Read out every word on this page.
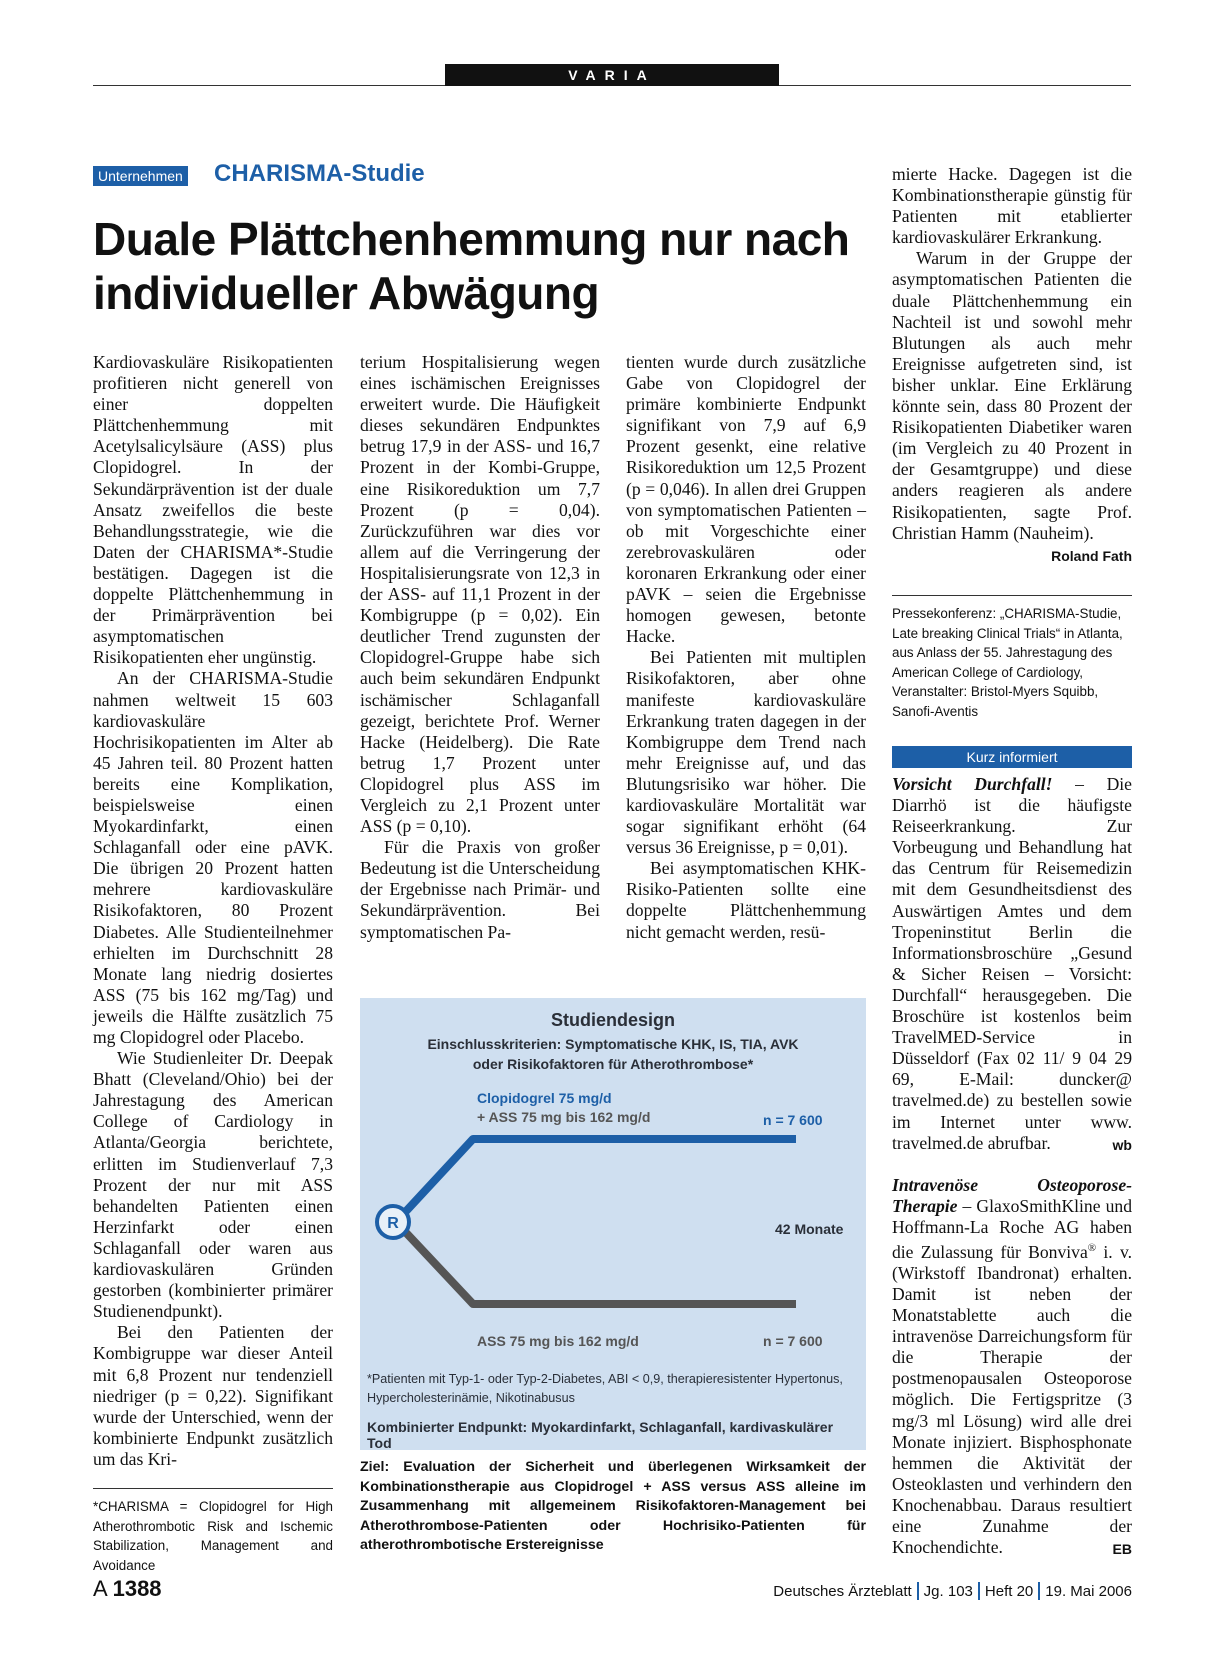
VARIA
Unternehmen CHARISMA-Studie
Duale Plättchenhemmung nur nach individueller Abwägung

Kardiovaskuläre Risikopatienten profitieren nicht generell von einer doppelten Plättchenhemmung mit Acetylsalicylsäure (ASS) plus Clopidogrel. In der Sekundärprävention ist der duale Ansatz zweifellos die beste Behandlungsstrategie, wie die Daten der CHARISMA*-Studie bestätigen. Dagegen ist die doppelte Plättchenhemmung in der Primärprävention bei asymptomatischen Risikopatienten eher ungünstig.

An der CHARISMA-Studie nahmen weltweit 15 603 kardiovaskuläre Hochrisikopatienten im Alter ab 45 Jahren teil. 80 Prozent hatten bereits eine Komplikation, beispielsweise einen Myokardinfarkt, einen Schlaganfall oder eine pAVK. Die übrigen 20 Prozent hatten mehrere kardiovaskuläre Risikofaktoren, 80 Prozent Diabetes. Alle Studienteilnehmer erhielten im Durchschnitt 28 Monate lang niedrig dosiertes ASS (75 bis 162 mg/Tag) und jeweils die Hälfte zusätzlich 75 mg Clopidogrel oder Placebo.

Wie Studienleiter Dr. Deepak Bhatt (Cleveland/Ohio) bei der Jahrestagung des American College of Cardiology in Atlanta/Georgia berichtete, erlitten im Studienverlauf 7,3 Prozent der nur mit ASS behandelten Patienten einen Herzinfarkt oder einen Schlaganfall oder waren aus kardiovaskulären Gründen gestorben (kombinierter primärer Studienendpunkt).

Bei den Patienten der Kombigruppe war dieser Anteil mit 6,8 Prozent nur tendenziell niedriger (p = 0,22). Signifikant wurde der Unterschied, wenn der kombinierte Endpunkt zusätzlich um das Kri-

terium Hospitalisierung wegen eines ischämischen Ereignisses erweitert wurde. Die Häufigkeit dieses sekundären Endpunktes betrug 17,9 in der ASS- und 16,7 Prozent in der Kombi-Gruppe, eine Risikoreduktion um 7,7 Prozent (p = 0,04). Zurückzuführen war dies vor allem auf die Verringerung der Hospitalisierungsrate von 12,3 in der ASS- auf 11,1 Prozent in der Kombigruppe (p = 0,02). Ein deutlicher Trend zugunsten der Clopidogrel-Gruppe habe sich auch beim sekundären Endpunkt ischämischer Schlaganfall gezeigt, berichtete Prof. Werner Hacke (Heidelberg). Die Rate betrug 1,7 Prozent unter Clopidogrel plus ASS im Vergleich zu 2,1 Prozent unter ASS (p = 0,10).

Für die Praxis von großer Bedeutung ist die Unterscheidung der Ergebnisse nach Primär- und Sekundärprävention. Bei symptomatischen Pa-

tienten wurde durch zusätzliche Gabe von Clopidogrel der primäre kombinierte Endpunkt signifikant von 7,9 auf 6,9 Prozent gesenkt, eine relative Risikoreduktion um 12,5 Prozent (p = 0,046). In allen drei Gruppen von symptomatischen Patienten – ob mit Vorgeschichte einer zerebrovaskulären oder koronaren Erkrankung oder einer pAVK – seien die Ergebnisse homogen gewesen, betonte Hacke.

Bei Patienten mit multiplen Risikofaktoren, aber ohne manifeste kardiovaskuläre Erkrankung traten dagegen in der Kombigruppe dem Trend nach mehr Ereignisse auf, und das Blutungsrisiko war höher. Die kardiovaskuläre Mortalität war sogar signifikant erhöht (64 versus 36 Ereignisse, p = 0,01).

Bei asymptomatischen KHK-Risiko-Patienten sollte eine doppelte Plättchenhemmung nicht gemacht werden, resü-

mierte Hacke. Dagegen ist die Kombinationstherapie günstig für Patienten mit etablierter kardiovaskulärer Erkrankung.

Warum in der Gruppe der asymptomatischen Patienten die duale Plättchenhemmung ein Nachteil ist und sowohl mehr Blutungen als auch mehr Ereignisse aufgetreten sind, ist bisher unklar. Eine Erklärung könnte sein, dass 80 Prozent der Risikopatienten Diabetiker waren (im Vergleich zu 40 Prozent in der Gesamtgruppe) und diese anders reagieren als andere Risikopatienten, sagte Prof. Christian Hamm (Nauheim).
Roland Fath

*CHARISMA = Clopidogrel for High Atherothrombotic Risk and Ischemic Stabilization, Management and Avoidance
Pressekonferenz: „CHARISMA-Studie, Late breaking Clinical Trials“ in Atlanta, aus Anlass der 55. Jahrestagung des American College of Cardiology, Veranstalter: Bristol-Myers Squibb, Sanofi-Aventis
Kurz informiert

Vorsicht Durchfall! – Die Diarrhö ist die häufigste Reiseerkrankung. Zur Vorbeugung und Behandlung hat das Centrum für Reisemedizin mit dem Gesundheitsdienst des Auswärtigen Amtes und dem Tropeninstitut Berlin die Informationsbroschüre „Gesund & Sicher Reisen – Vorsicht: Durchfall“ herausgegeben. Die Broschüre ist kostenlos beim TravelMED-Service in Düsseldorf (Fax 02 11/ 9 04 29 69, E-Mail: duncker@ travelmed.de) zu bestellen sowie im Internet unter www. travelmed.de abrufbar.	wb

Intravenöse Osteoporose-Therapie – GlaxoSmithKline und Hoffmann-La Roche AG haben die Zulassung für Bonviva® i. v. (Wirkstoff Ibandronat) erhalten. Damit ist neben der Monatstablette auch die intravenöse Darreichungsform für die Therapie der postmenopausalen Osteoporose möglich. Die Fertigspritze (3 mg/3 ml Lösung) wird alle drei Monate injiziert. Bisphosphonate hemmen die Aktivität der Osteoklasten und verhindern den Knochenabbau. Daraus resultiert eine Zunahme der Knochendichte.	EB

R
Studiendesign
Einschlusskriterien: Symptomatische KHK, IS, TIA, AVK
oder Risikofaktoren für Atherothrombose*
Clopidogrel 75 mg/d
+ ASS 75 mg bis 162 mg/d	n = 7 600
42 Monate
ASS 75 mg bis 162 mg/d	n = 7 600
*Patienten mit Typ-1- oder Typ-2-Diabetes, ABI < 0,9, therapieresistenter Hypertonus, Hypercholesterinämie, Nikotinabusus
Kombinierter Endpunkt: Myokardinfarkt, Schlaganfall, kardivaskulärer Tod
Ziel: Evaluation der Sicherheit und überlegenen Wirksamkeit der Kombinationstherapie aus Clopidrogel + ASS versus ASS alleine im Zusammenhang mit allgemeinem Risikofaktoren-Management bei Atherothrombose-Patienten oder Hochrisiko-Patienten für atherothrombotische Erstereignisse
A 1388	Deutsches Ärzteblatt Jg. 103 Heft 20 19. Mai 2006
